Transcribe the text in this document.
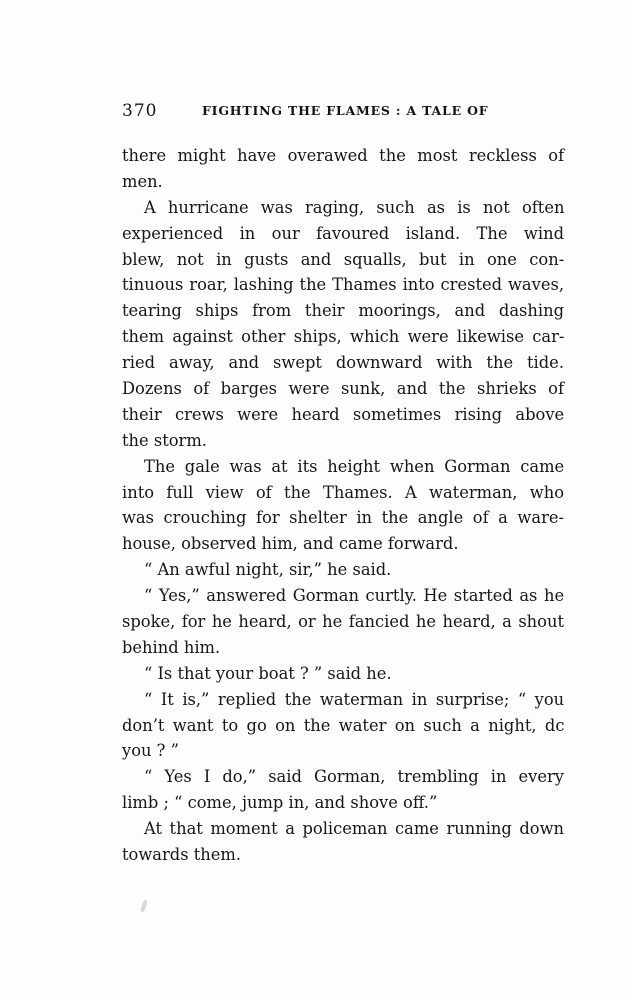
370	FIGHTING THE FLAMES : A TALE OF
there might have overawed the most reckless of
men.
A hurricane was raging, such as is not often
experienced in our favoured island. The wind
blew, not in gusts and squalls, but in one con-
tinuous roar, lashing the Thames into crested waves,
tearing ships from their moorings, and dashing
them against other ships, which were likewise car-
ried away, and swept downward with the tide.
Dozens of barges were sunk, and the shrieks of
their crews were heard sometimes rising above
the storm.
The gale was at its height when Gorman came
into full view of the Thames. A waterman, who
was crouching for shelter in the angle of a ware-
house, observed him, and came forward.
“ An awful night, sir,” he said.
“ Yes,” answered Gorman curtly. He started as he
spoke, for he heard, or he fancied he heard, a shout
behind him.
“ Is that your boat ? ” said he.
“ It is,” replied the waterman in surprise; “ you
don’t want to go on the water on such a night, dc
you ? ”
“ Yes I do,” said Gorman, trembling in every
limb ; “ come, jump in, and shove off.”
At that moment a policeman came running down
towards them.
